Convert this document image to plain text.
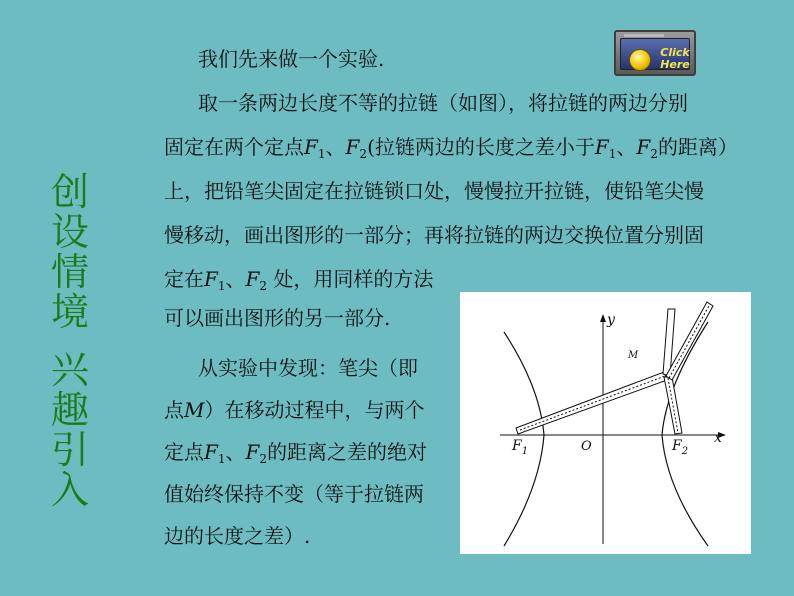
创
设
情
境
兴
趣
引
入
Click
Here
我们先来做一个实验.
取一条两边长度不等的拉链（如图），将拉链的两边分别
固定在两个定点$F_1$、$F_2$(拉链两边的长度之差小于$F_1$、$F_2$的距离）
上，把铅笔尖固定在拉链锁口处，慢慢拉开拉链，使铅笔尖慢
慢移动，画出图形的一部分；再将拉链的两边交换位置分别固
定在$F_1$、$F_2$ 处，用同样的方法
可以画出图形的另一部分.
从实验中发现：笔尖（即
点M）在移动过程中，与两个
定点$F_1$、$F_2$的距离之差的绝对
值始终保持不变（等于拉链两
边的长度之差）.
$F_1$	O	$F_2$
x
y
M
